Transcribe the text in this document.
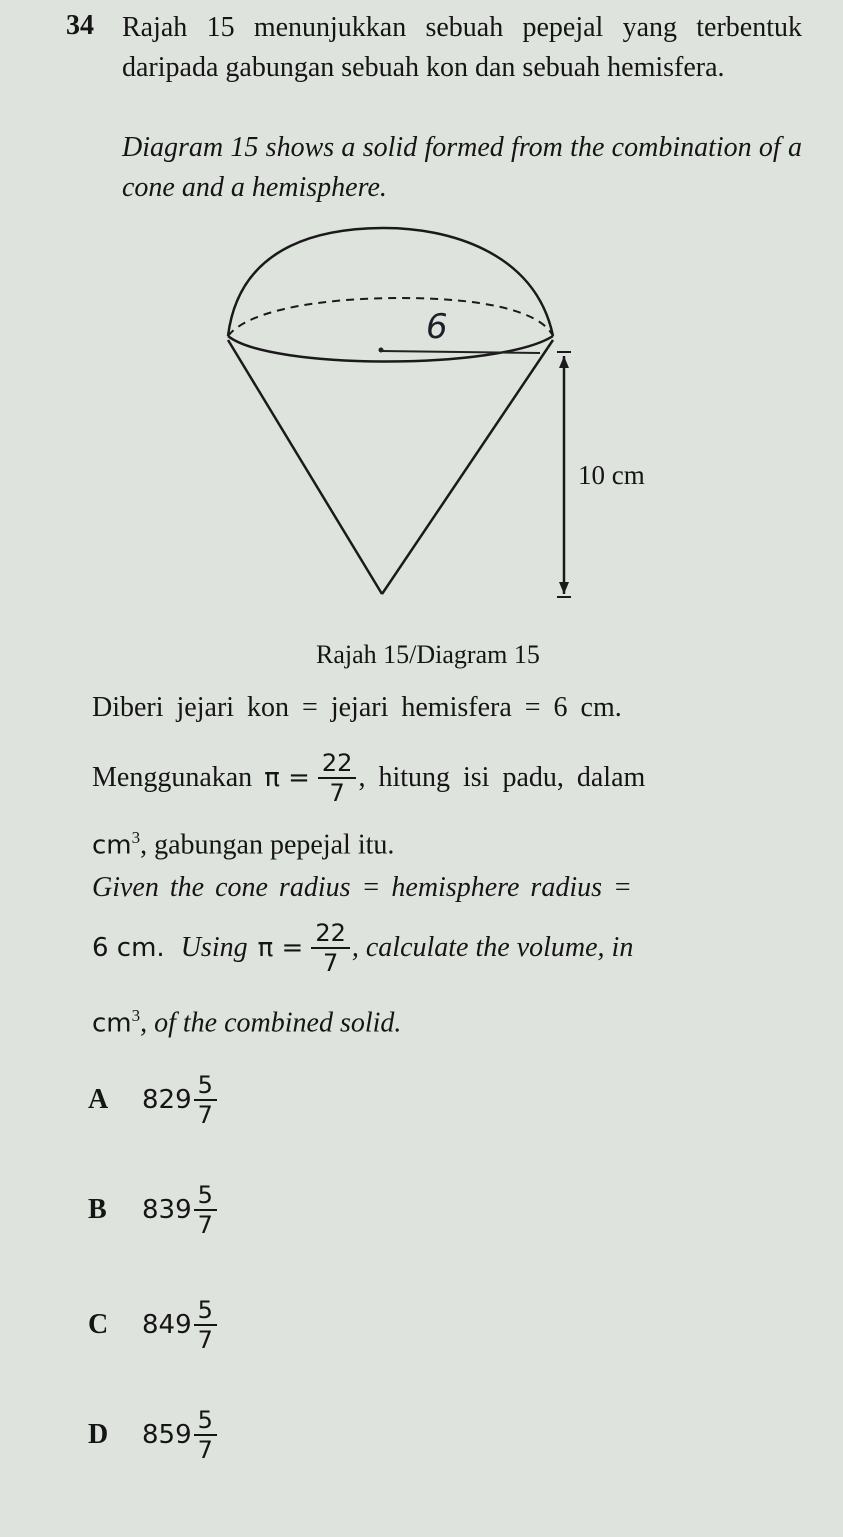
34 Rajah 15 menunjukkan sebuah pepejal yang terbentuk daripada gabungan sebuah kon dan sebuah hemisfera.
Diagram 15 shows a solid formed from the combination of a cone and a hemisphere.
6
10 cm
Rajah 15/Diagram 15
Diberi jejari kon = jejari hemisfera = 6 cm.
Menggunakan $\pi = \frac{22}{7}$ , hitung isi padu, dalam
$cm^3$, gabungan pepejal itu.
Given the cone radius = hemisphere radius =
6 cm. Using $\pi = \frac{22}{7}$ , calculate the volume, in
$cm^3$, of the combined solid.
A	$829 \frac{5}{7}$
B	$839 \frac{5}{7}$
C	$849 \frac{5}{7}$
D	$859 \frac{5}{7}$
